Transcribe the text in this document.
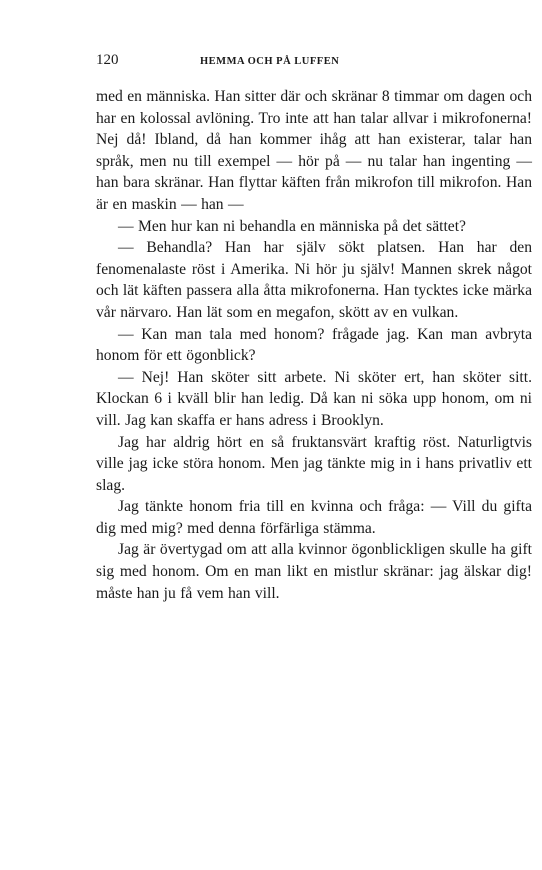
120	HEMMA OCH PÅ LUFFEN

med en människa. Han sitter där och skränar 8 timmar om dagen och har en kolossal avlöning. Tro inte att han talar allvar i mikrofonerna! Nej då! Ibland, då han kommer ihåg att han existerar, talar han språk, men nu till exempel — hör på — nu talar han ingenting — han bara skränar. Han flyttar käften från mikrofon till mikrofon. Han är en maskin — han —

— Men hur kan ni behandla en människa på det sättet?

— Behandla? Han har själv sökt platsen. Han har den fenomenalaste röst i Amerika. Ni hör ju själv! Mannen skrek något och lät käften passera alla åtta mikrofonerna. Han tycktes icke märka vår närvaro. Han lät som en megafon, skött av en vulkan.

— Kan man tala med honom? frågade jag. Kan man avbryta honom för ett ögonblick?

— Nej! Han sköter sitt arbete. Ni sköter ert, han sköter sitt. Klockan 6 i kväll blir han ledig. Då kan ni söka upp honom, om ni vill. Jag kan skaffa er hans adress i Brooklyn.

Jag har aldrig hört en så fruktansvärt kraftig röst. Naturligtvis ville jag icke störa honom. Men jag tänkte mig in i hans privatliv ett slag.

Jag tänkte honom fria till en kvinna och fråga: — Vill du gifta dig med mig? med denna förfärliga stämma.

Jag är övertygad om att alla kvinnor ögonblickligen skulle ha gift sig med honom. Om en man likt en mistlur skränar: jag älskar dig! måste han ju få vem han vill.
